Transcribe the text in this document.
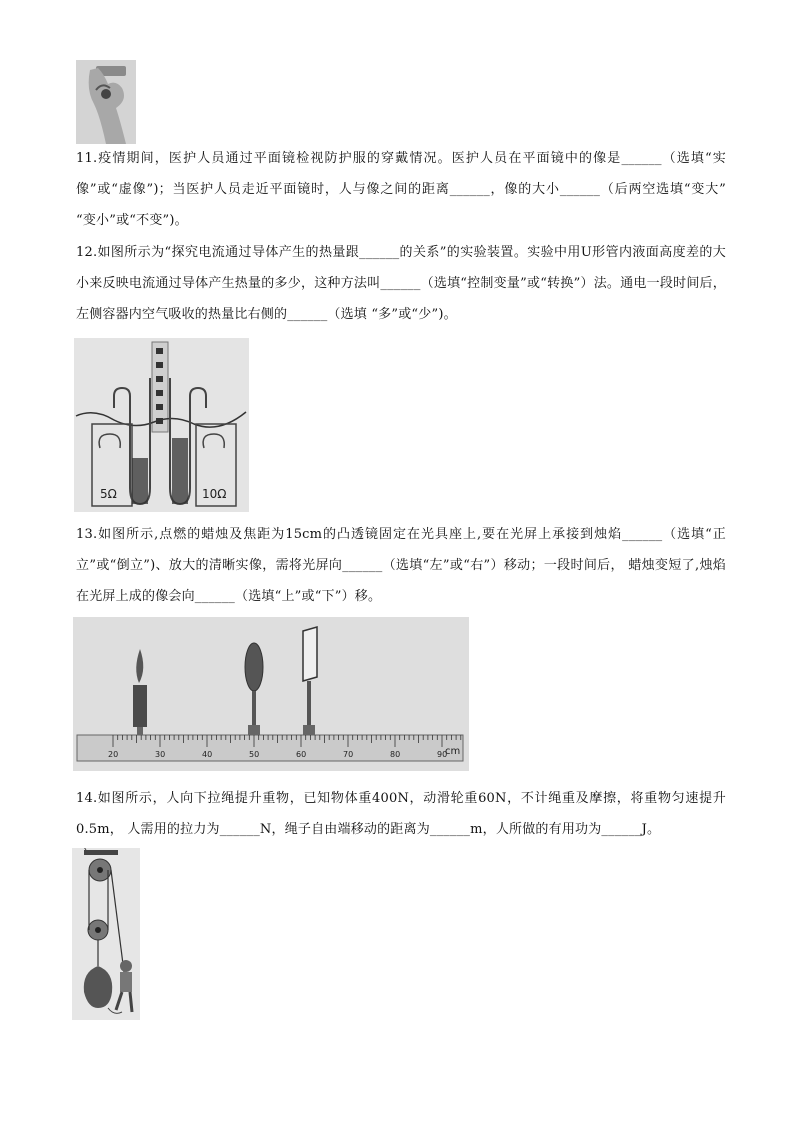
11.疫情期间，医护人员通过平面镜检视防护服的穿戴情况。医护人员在平面镜中的像是______（选填“实像”或“虚像”)；当医护人员走近平面镜时，人与像之间的距离______，像的大小______（后两空选填“变大”  “变小”或“不变”)。
12.如图所示为“探究电流通过导体产生的热量跟______的关系”的实验装置。实验中用U形管内液面高度差的大小来反映电流通过导体产生热量的多少，这种方法叫______（选填“控制变量”或“转换”）法。通电一段时间后，左侧容器内空气吸收的热量比右侧的______（选填 “多”或“少”)。
5Ω	10Ω
13.如图所示,点燃的蜡烛及焦距为15cm的凸透镜固定在光具座上,要在光屏上承接到烛焰______（选填“正立”或“倒立”)、放大的清晰实像，需将光屏向______（选填“左”或“右”）移动；一段时间后， 蜡烛变短了,烛焰在光屏上成的像会向______（选填“上”或“下”）移。
20	30	40	50	60	70	80	90
cm
14.如图所示，人向下拉绳提升重物，已知物体重400N，动滑轮重60N，不计绳重及摩擦，将重物匀速提升0.5m， 人需用的拉力为______N，绳子自由端移动的距离为______m，人所做的有用功为______J。
